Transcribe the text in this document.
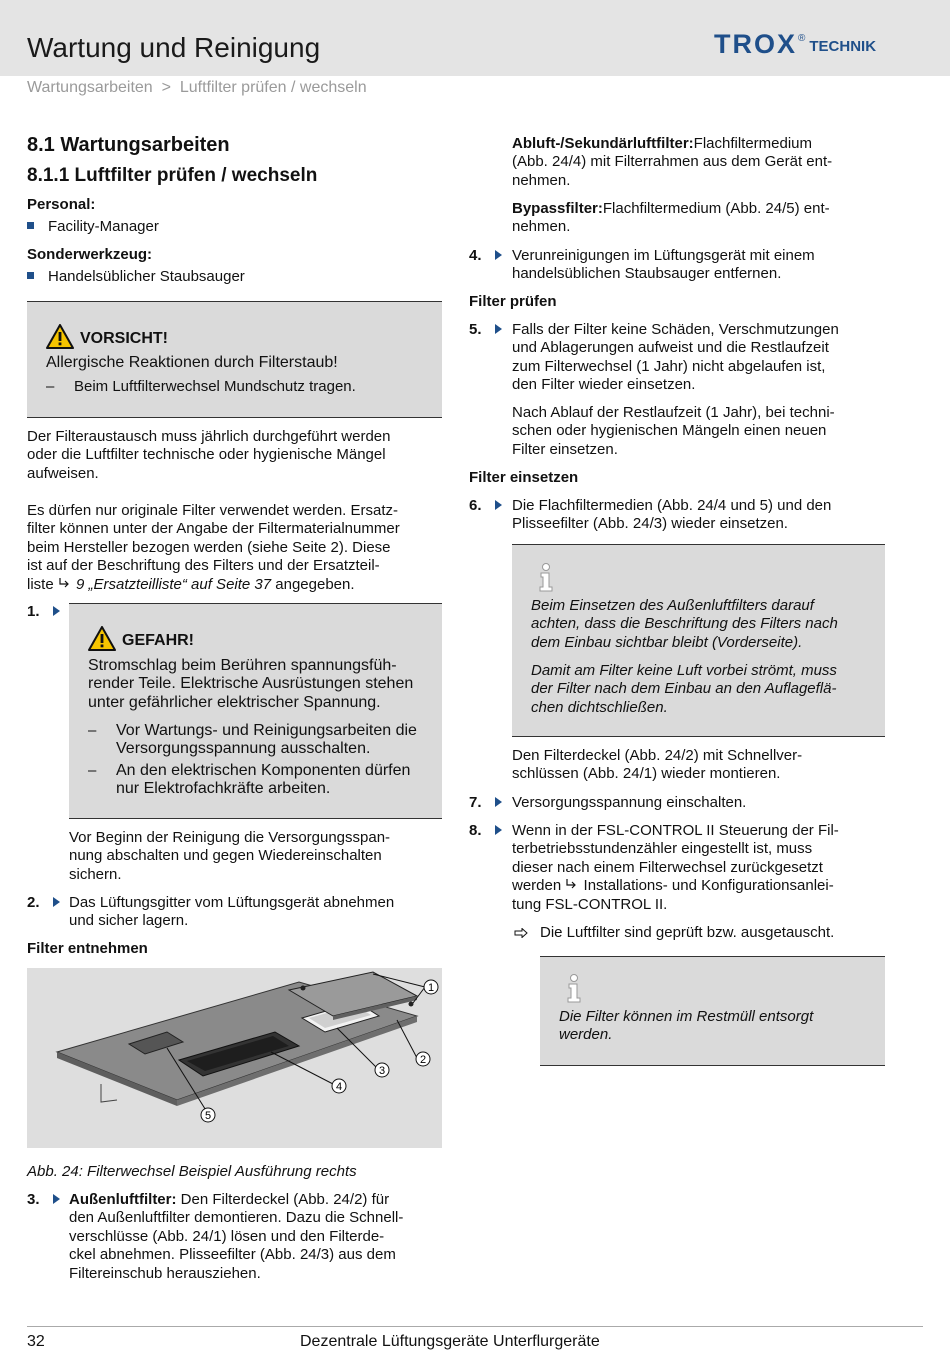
Wartung und Reinigung	TROX ® TECHNIK
Wartungsarbeiten  >  Luftfilter prüfen / wechseln
8.1 Wartungsarbeiten
8.1.1 Luftfilter prüfen / wechseln
Personal:
Facility-Manager
Sonderwerkzeug:
Handelsüblicher Staubsauger
VORSICHT!
Allergische Reaktionen durch Filterstaub!
– Beim Luftfilterwechsel Mundschutz tragen.
Der Filteraustausch muss jährlich durchgeführt werden
oder die Luftfilter technische oder hygienische Mängel
aufweisen.
Es dürfen nur originale Filter verwendet werden. Ersatz-
filter können unter der Angabe der Filtermaterialnummer
beim Hersteller bezogen werden (siehe Seite 2). Diese
ist auf der Beschriftung des Filters und der Ersatzteil-
liste  9 „Ersatzteilliste“ auf Seite 37 angegeben.
1.
GEFAHR!
Stromschlag beim Berühren spannungsfüh-
render Teile. Elektrische Ausrüstungen stehen
unter gefährlicher elektrischer Spannung.
– Vor Wartungs- und Reinigungsarbeiten die
Versorgungsspannung ausschalten.
– An den elektrischen Komponenten dürfen
nur Elektrofachkräfte arbeiten.
Vor Beginn der Reinigung die Versorgungsspan-
nung abschalten und gegen Wiedereinschalten
sichern.
2. Das Lüftungsgitter vom Lüftungsgerät abnehmen
und sicher lagern.
Filter entnehmen
1
2
3
4
5
Abb. 24: Filterwechsel Beispiel Ausführung rechts
3. Außenluftfilter: Den Filterdeckel (Abb. 24/2) für
den Außenluftfilter demontieren. Dazu die Schnell-
verschlüsse (Abb. 24/1) lösen und den Filterde-
ckel abnehmen. Plisseefilter (Abb. 24/3) aus dem
Filtereinschub herausziehen.
Abluft-/Sekundärluftfilter:Flachfiltermedium
(Abb. 24/4) mit Filterrahmen aus dem Gerät ent-
nehmen.
Bypassfilter:Flachfiltermedium (Abb. 24/5) ent-
nehmen.
4. Verunreinigungen im Lüftungsgerät mit einem
handelsüblichen Staubsauger entfernen.
Filter prüfen
5. Falls der Filter keine Schäden, Verschmutzungen
und Ablagerungen aufweist und die Restlaufzeit
zum Filterwechsel (1 Jahr) nicht abgelaufen ist,
den Filter wieder einsetzen.
Nach Ablauf der Restlaufzeit (1 Jahr), bei techni-
schen oder hygienischen Mängeln einen neuen
Filter einsetzen.
Filter einsetzen
6. Die Flachfiltermedien (Abb. 24/4 und 5) und den
Plisseefilter (Abb. 24/3) wieder einsetzen.
Beim Einsetzen des Außenluftfilters darauf
achten, dass die Beschriftung des Filters nach
dem Einbau sichtbar bleibt (Vorderseite).
Damit am Filter keine Luft vorbei strömt, muss
der Filter nach dem Einbau an den Auflageflä-
chen dichtschließen.
Den Filterdeckel (Abb. 24/2) mit Schnellver-
schlüssen (Abb. 24/1) wieder montieren.
7. Versorgungsspannung einschalten.
8. Wenn in der FSL-CONTROL II Steuerung der Fil-
terbetriebsstundenzähler eingestellt ist, muss
dieser nach einem Filterwechsel zurückgesetzt
werden  Installations- und Konfigurationsanlei-
tung FSL-CONTROL II.
Die Luftfilter sind geprüft bzw. ausgetauscht.
Die Filter können im Restmüll entsorgt
werden.
32	Dezentrale Lüftungsgeräte Unterflurgeräte
